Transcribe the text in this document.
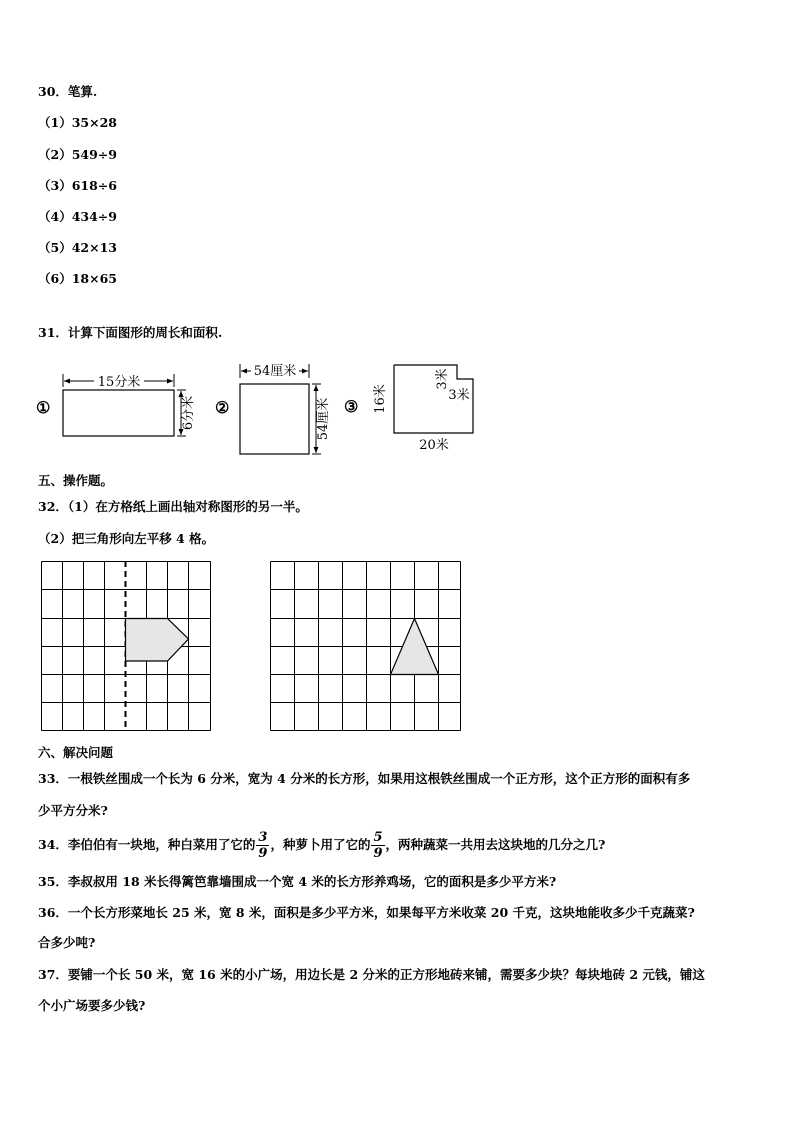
30．笔算.
（1）35×28
（2）549÷9
（3）618÷6
（4）434÷9
（5）42×13
（6）18×65
31．计算下面图形的周长和面积.
①
15分米
6分米 ②
54厘米
54厘米 ③ 16米
3米
3米
20米
五、操作题。
32．（1）在方格纸上画出轴对称图形的另一半。
（2）把三角形向左平移 4 格。
六、解决问题
33．一根铁丝围成一个长为 6 分米，宽为 4 分米的长方形，如果用这根铁丝围成一个正方形，这个正方形的面积有多
少平方分米?
34．李伯伯有一块地，种白菜用了它的 $\frac{3}{9}$ ，种萝卜用了它的 $\frac{5}{9}$ ，两种蔬菜一共用去这块地的几分之几?
35．李叔叔用 18 米长得篱笆靠墙围成一个宽 4 米的长方形养鸡场，它的面积是多少平方米?
36．一个长方形菜地长 25 米，宽 8 米，面积是多少平方米，如果每平方米收菜 20 千克，这块地能收多少千克蔬菜?
合多少吨?
37．要铺一个长 50 米，宽 16 米的小广场，用边长是 2 分米的正方形地砖来铺，需要多少块？每块地砖 2 元钱，铺这
个小广场要多少钱?
